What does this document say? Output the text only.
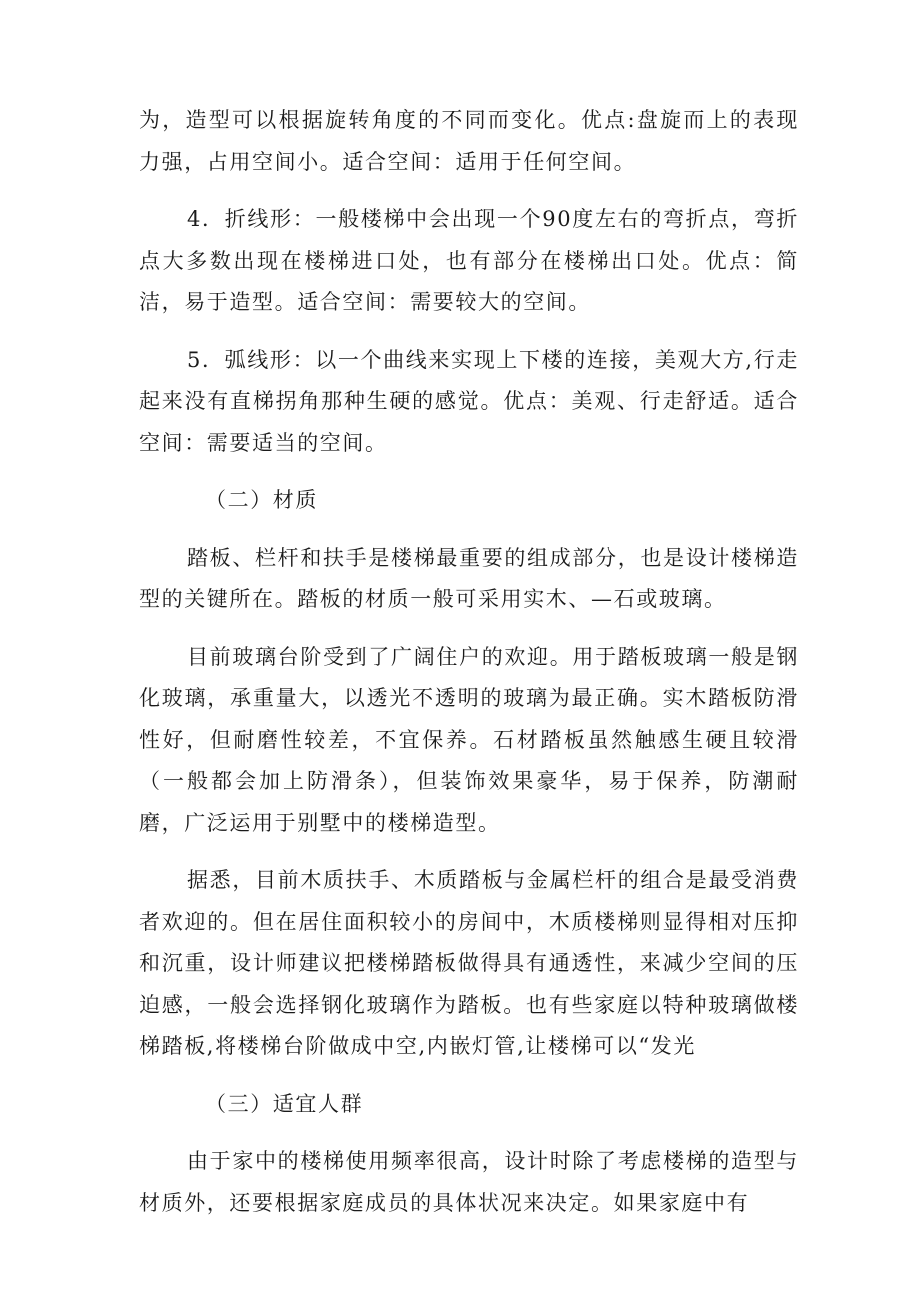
为，造型可以根据旋转角度的不同而变化。优点:盘旋而上的表现力强，占用空间小。适合空间：适用于任何空间。

4．折线形：一般楼梯中会出现一个90度左右的弯折点，弯折点大多数出现在楼梯进口处，也有部分在楼梯出口处。优点：简洁，易于造型。适合空间：需要较大的空间。

5．弧线形：以一个曲线来实现上下楼的连接，美观大方,行走起来没有直梯拐角那种生硬的感觉。优点：美观、行走舒适。适合空间：需要适当的空间。

（二）材质

踏板、栏杆和扶手是楼梯最重要的组成部分，也是设计楼梯造型的关键所在。踏板的材质一般可采用实木、—石或玻璃。

目前玻璃台阶受到了广阔住户的欢迎。用于踏板玻璃一般是钢化玻璃，承重量大，以透光不透明的玻璃为最正确。实木踏板防滑性好，但耐磨性较差，不宜保养。石材踏板虽然触感生硬且较滑（一般都会加上防滑条），但装饰效果豪华，易于保养，防潮耐磨，广泛运用于别墅中的楼梯造型。

据悉，目前木质扶手、木质踏板与金属栏杆的组合是最受消费者欢迎的。但在居住面积较小的房间中，木质楼梯则显得相对压抑和沉重，设计师建议把楼梯踏板做得具有通透性，来减少空间的压迫感，一般会选择钢化玻璃作为踏板。也有些家庭以特种玻璃做楼梯踏板,将楼梯台阶做成中空,内嵌灯管,让楼梯可以“发光

（三）适宜人群

由于家中的楼梯使用频率很高，设计时除了考虑楼梯的造型与材质外，还要根据家庭成员的具体状况来决定。如果家庭中有
